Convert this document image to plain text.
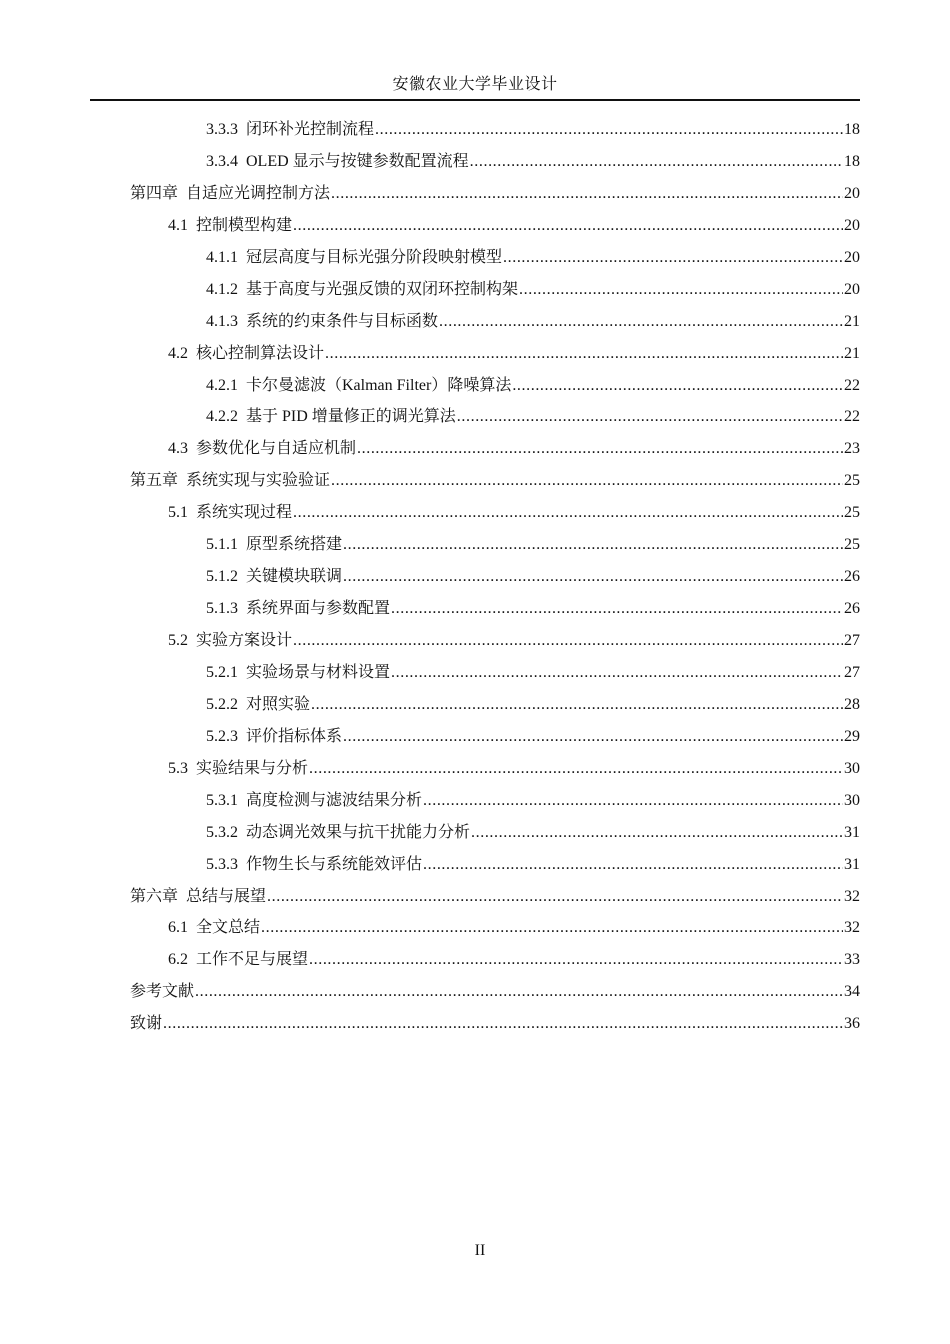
安徽农业大学毕业设计
3.3.3 闭环补光控制流程 .....	18
3.3.4 OLED 显示与按键参数配置流程 .....	18
第四章 自适应光调控制方法 .....	20
4.1 控制模型构建 .....	20
4.1.1 冠层高度与目标光强分阶段映射模型 .....	20
4.1.2 基于高度与光强反馈的双闭环控制构架 .....	20
4.1.3 系统的约束条件与目标函数 .....	21
4.2 核心控制算法设计 .....	21
4.2.1 卡尔曼滤波（Kalman Filter）降噪算法 .....	22
4.2.2 基于 PID 增量修正的调光算法 .....	22
4.3 参数优化与自适应机制 .....	23
第五章 系统实现与实验验证 .....	25
5.1 系统实现过程 .....	25
5.1.1 原型系统搭建 .....	25
5.1.2 关键模块联调 .....	26
5.1.3 系统界面与参数配置 .....	26
5.2 实验方案设计 .....	27
5.2.1 实验场景与材料设置 .....	27
5.2.2 对照实验 .....	28
5.2.3 评价指标体系 .....	29
5.3 实验结果与分析 .....	30
5.3.1 高度检测与滤波结果分析 .....	30
5.3.2 动态调光效果与抗干扰能力分析 .....	31
5.3.3 作物生长与系统能效评估 .....	31
第六章 总结与展望 .....	32
6.1 全文总结 .....	32
6.2 工作不足与展望 .....	33
参考文献 .....	34
致谢 .....	36
II
